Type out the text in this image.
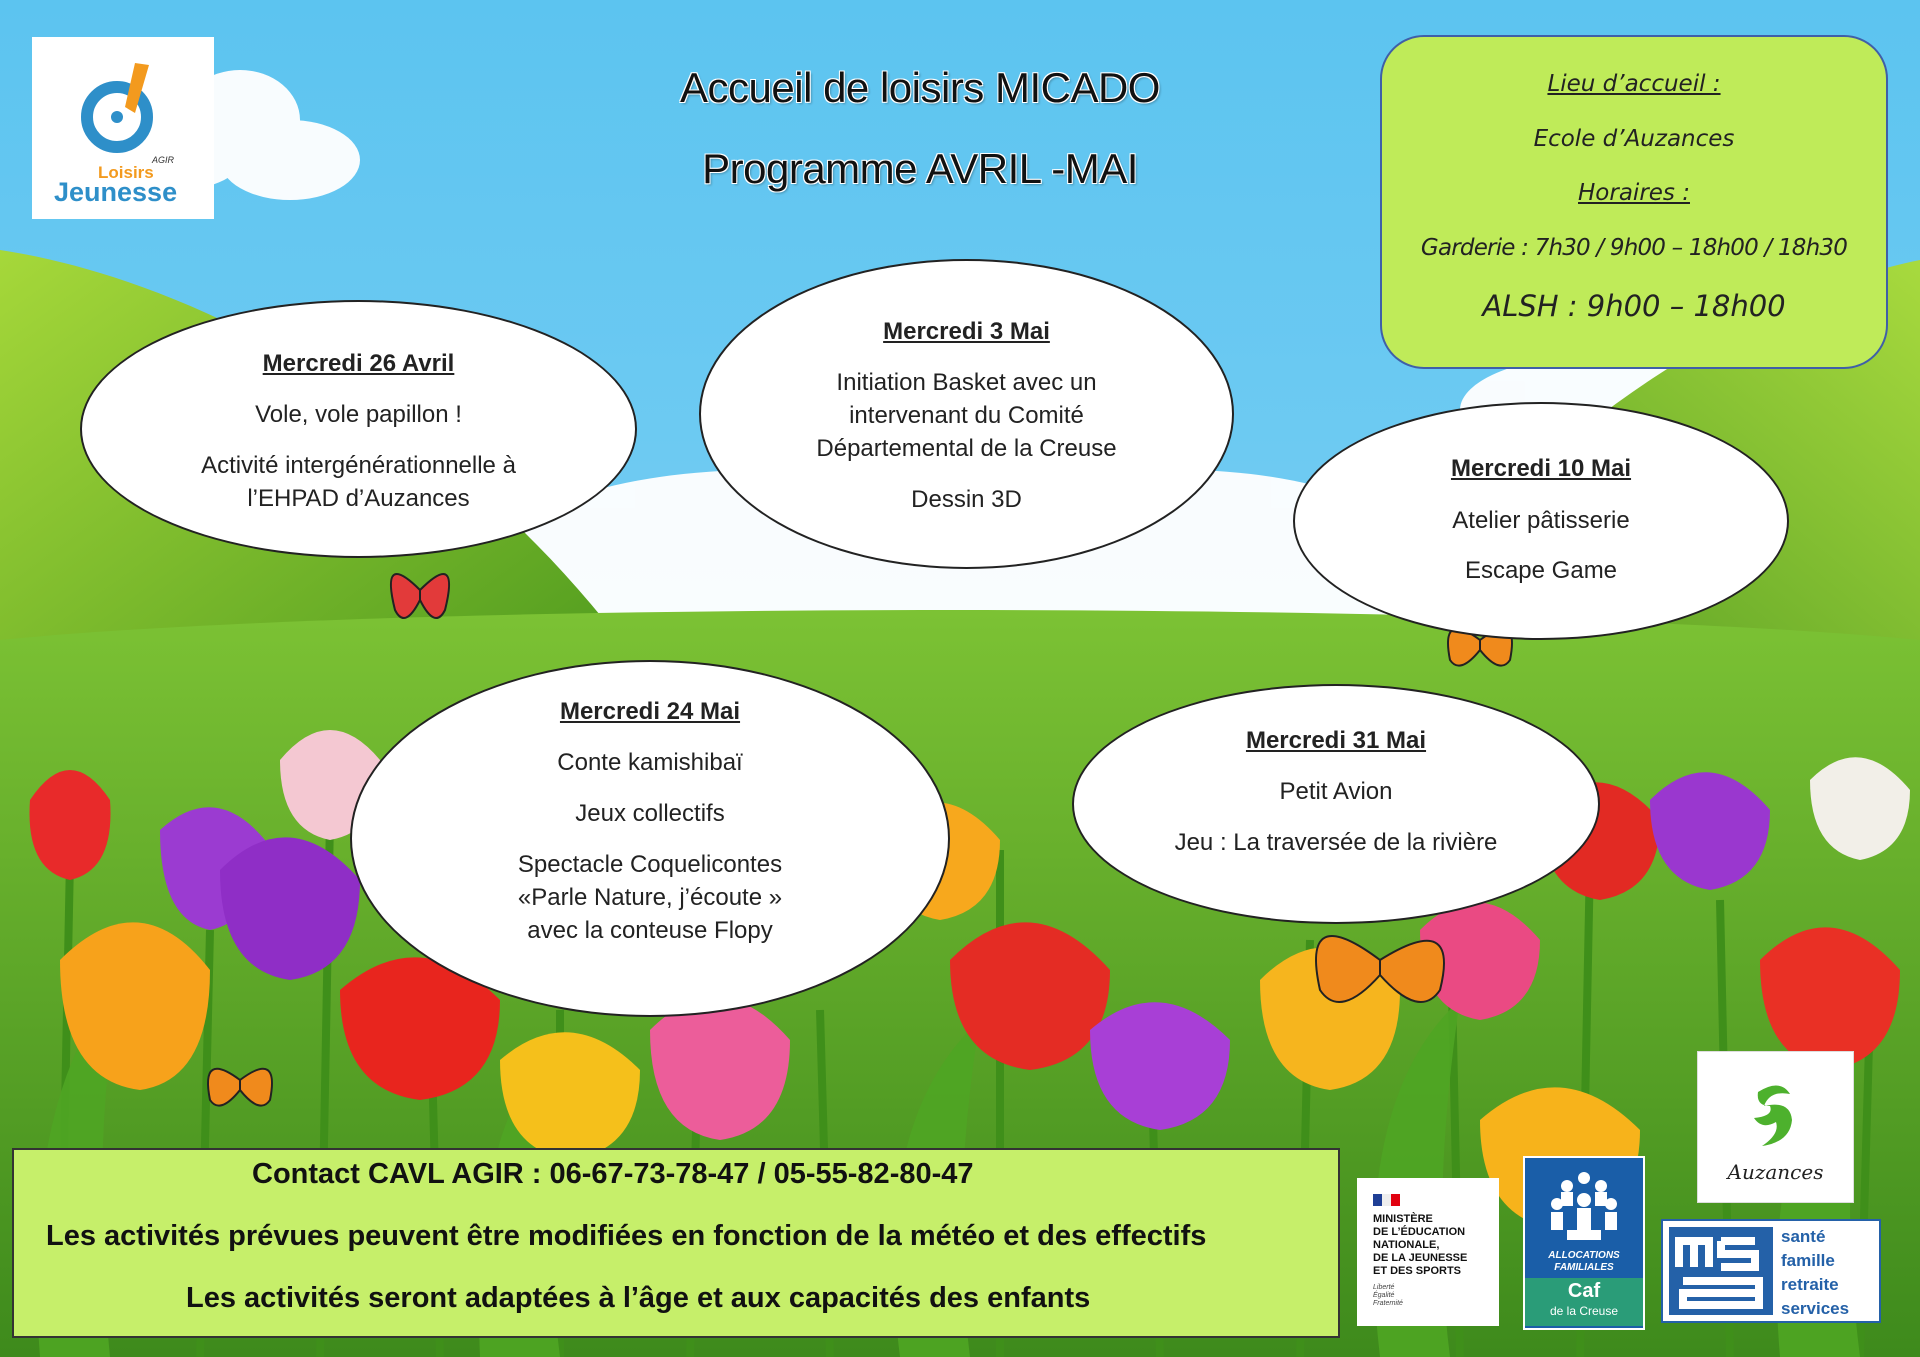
AGIR
Loisirs
Jeunesse
Accueil de loisirs MICADO
Programme AVRIL -MAI
Lieu d’accueil :
Ecole d’Auzances
Horaires :
Garderie : 7h30 / 9h00 – 18h00 / 18h30
ALSH : 9h00 – 18h00
Mercredi 26 Avril
Vole, vole papillon !
Activité intergénérationnelle à
l’EHPAD d’Auzances
Mercredi 3 Mai
Initiation Basket avec un
intervenant du Comité
Départemental de la Creuse
Dessin 3D
Mercredi 10 Mai
Atelier pâtisserie
Escape Game
Mercredi 24 Mai
Conte kamishibaï
Jeux collectifs
Spectacle Coquelicontes
«Parle Nature, j’écoute »
avec la conteuse Flopy
Mercredi 31 Mai
Petit Avion
Jeu : La traversée de la rivière
Contact CAVL AGIR : 06-67-73-78-47 / 05-55-82-80-47
Les activités prévues peuvent être modifiées en fonction de la météo et des effectifs
Les activités seront adaptées à l’âge et aux capacités des enfants
Auzances
MINISTÈRE
DE L’ÉDUCATION
NATIONALE,
DE LA JEUNESSE
ET DES SPORTS
Liberté
Égalité
Fraternité
ALLOCATIONS
FAMILIALES
Caf
de la Creuse
santé
famille
retraite
services
